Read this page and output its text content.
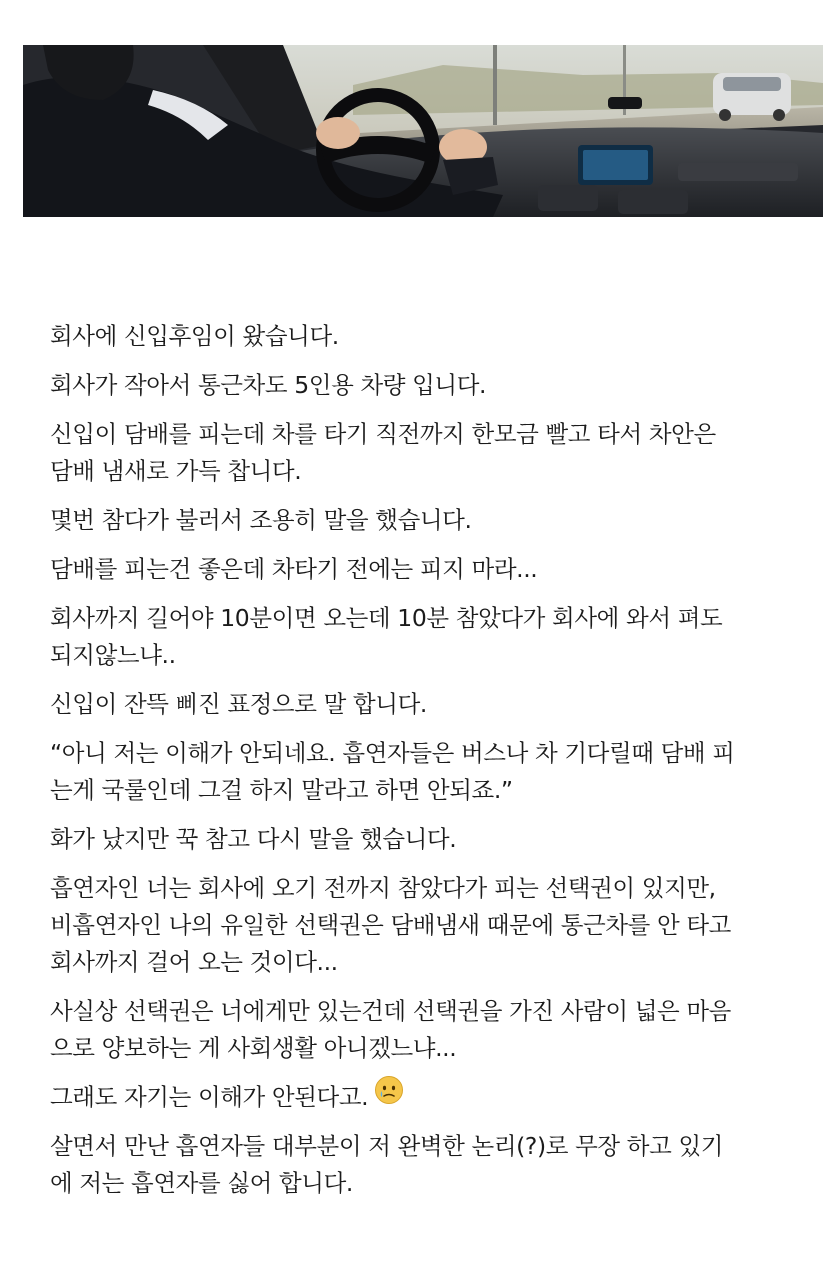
회사에 신입후임이 왔습니다.

회사가 작아서 통근차도 5인용 차량 입니다.

신입이 담배를 피는데 차를 타기 직전까지 한모금 빨고 타서 차안은
담배 냄새로 가득 찹니다.

몇번 참다가 불러서 조용히 말을 했습니다.

담배를 피는건 좋은데 차타기 전에는 피지 마라...

회사까지 길어야 10분이면 오는데 10분 참았다가 회사에 와서 펴도
되지않느냐..

신입이 잔뜩 삐진 표정으로 말 합니다.

“아니 저는 이해가 안되네요. 흡연자들은 버스나 차 기다릴때 담배 피
는게 국룰인데 그걸 하지 말라고 하면 안되죠.”

화가 났지만 꾹 참고 다시 말을 했습니다.

흡연자인 너는 회사에 오기 전까지 참았다가 피는 선택권이 있지만,
비흡연자인 나의 유일한 선택권은 담배냄새 때문에 통근차를 안 타고
회사까지 걸어 오는 것이다...

사실상 선택권은 너에게만 있는건데 선택권을 가진 사람이 넓은 마음
으로 양보하는 게 사회생활 아니겠느냐...

그래도 자기는 이해가 안된다고.

살면서 만난 흡연자들 대부분이 저 완벽한 논리(?)로 무장 하고 있기
에 저는 흡연자를 싫어 합니다.
